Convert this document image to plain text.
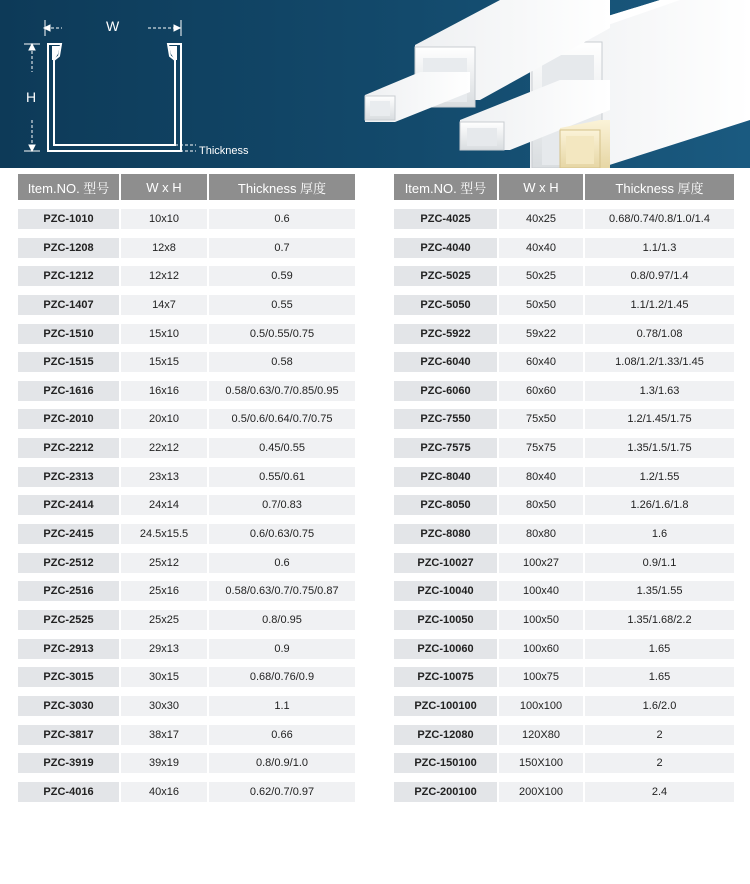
W
H
Thickness
Item.NO. 型号	W x H	Thickness 厚度
PZC-1010	10x10	0.6
PZC-1208	12x8	0.7
PZC-1212	12x12	0.59
PZC-1407	14x7	0.55
PZC-1510	15x10	0.5/0.55/0.75
PZC-1515	15x15	0.58
PZC-1616	16x16	0.58/0.63/0.7/0.85/0.95
PZC-2010	20x10	0.5/0.6/0.64/0.7/0.75
PZC-2212	22x12	0.45/0.55
PZC-2313	23x13	0.55/0.61
PZC-2414	24x14	0.7/0.83
PZC-2415	24.5x15.5	0.6/0.63/0.75
PZC-2512	25x12	0.6
PZC-2516	25x16	0.58/0.63/0.7/0.75/0.87
PZC-2525	25x25	0.8/0.95
PZC-2913	29x13	0.9
PZC-3015	30x15	0.68/0.76/0.9
PZC-3030	30x30	1.1
PZC-3817	38x17	0.66
PZC-3919	39x19	0.8/0.9/1.0
PZC-4016	40x16	0.62/0.7/0.97
Item.NO. 型号	W x H	Thickness 厚度
PZC-4025	40x25	0.68/0.74/0.8/1.0/1.4
PZC-4040	40x40	1.1/1.3
PZC-5025	50x25	0.8/0.97/1.4
PZC-5050	50x50	1.1/1.2/1.45
PZC-5922	59x22	0.78/1.08
PZC-6040	60x40	1.08/1.2/1.33/1.45
PZC-6060	60x60	1.3/1.63
PZC-7550	75x50	1.2/1.45/1.75
PZC-7575	75x75	1.35/1.5/1.75
PZC-8040	80x40	1.2/1.55
PZC-8050	80x50	1.26/1.6/1.8
PZC-8080	80x80	1.6
PZC-10027	100x27	0.9/1.1
PZC-10040	100x40	1.35/1.55
PZC-10050	100x50	1.35/1.68/2.2
PZC-10060	100x60	1.65
PZC-10075	100x75	1.65
PZC-100100	100x100	1.6/2.0
PZC-12080	120X80	2
PZC-150100	150X100	2
PZC-200100	200X100	2.4
